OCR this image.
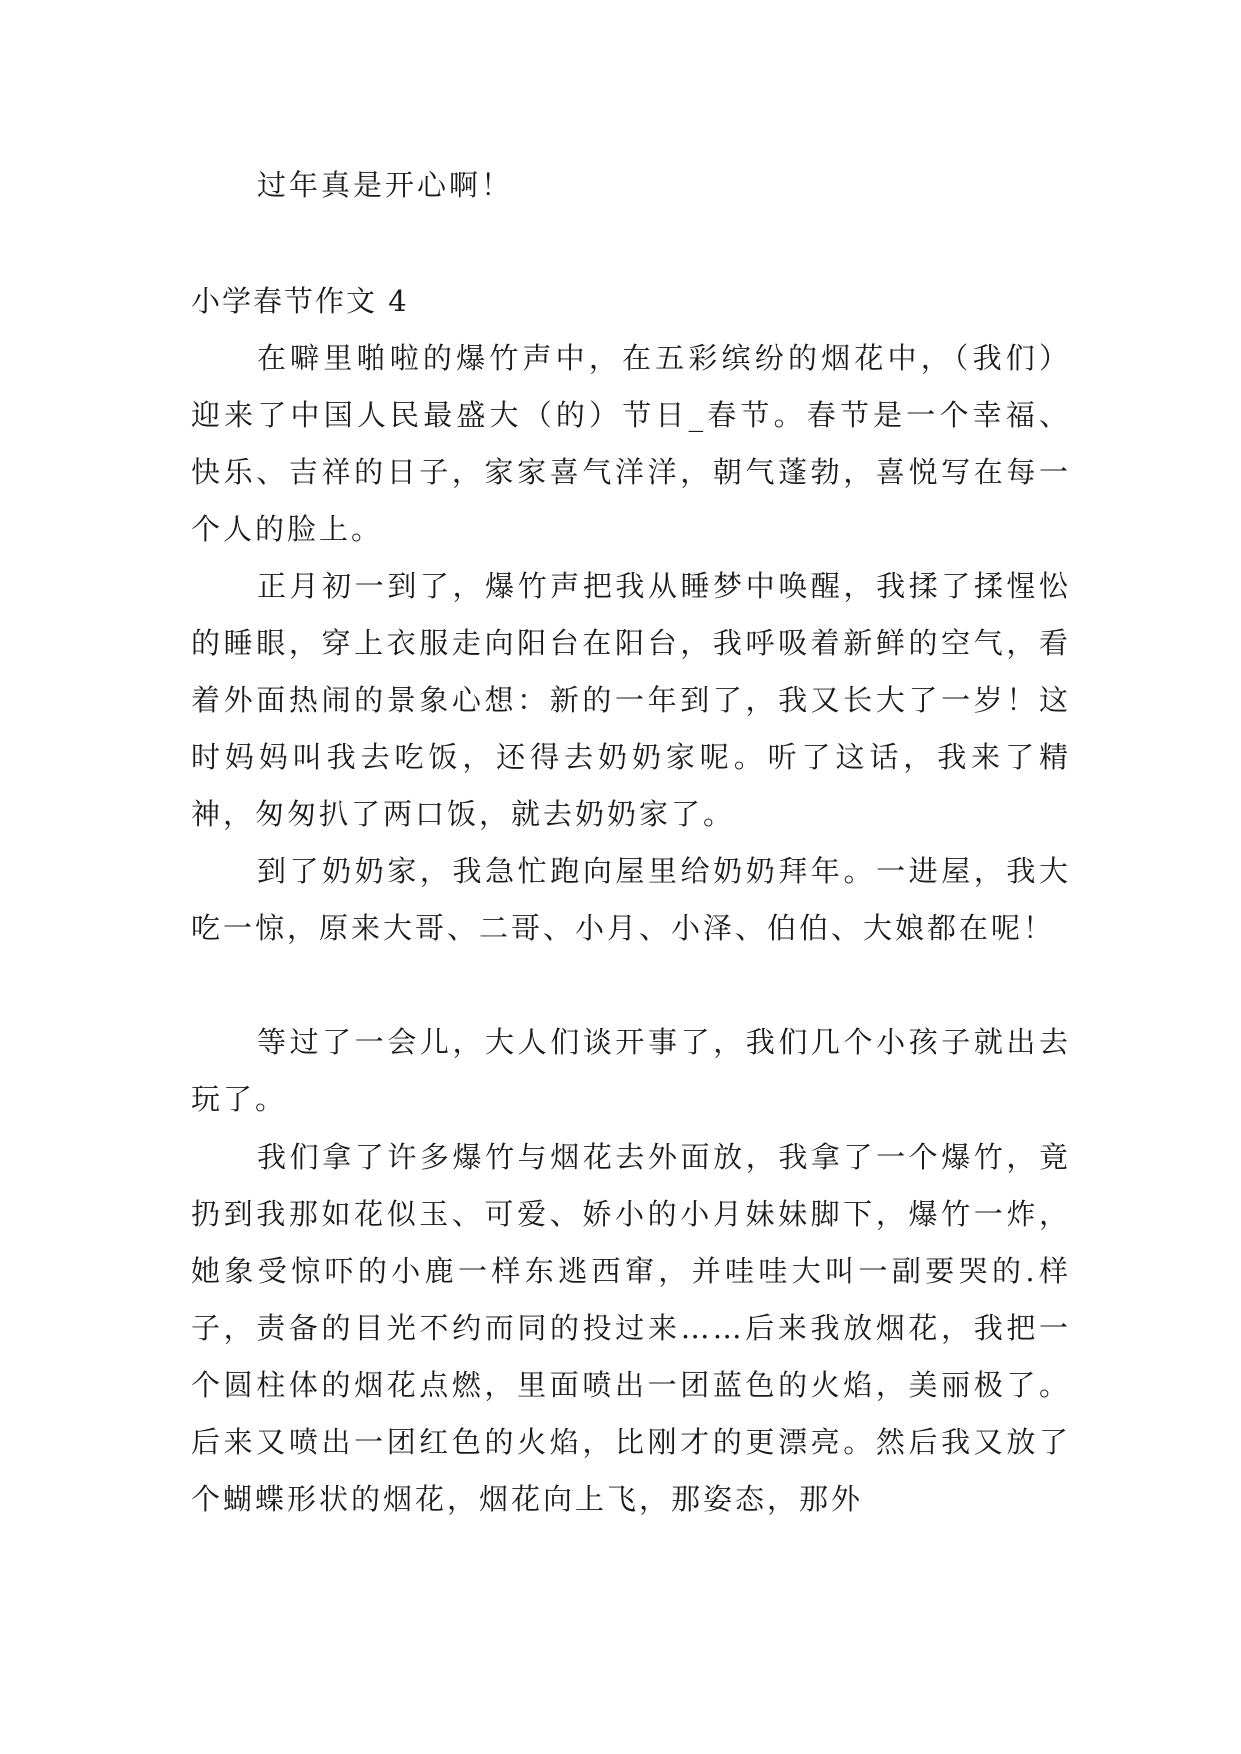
过年真是开心啊！

小学春节作文 4

在噼里啪啦的爆竹声中，在五彩缤纷的烟花中，（我们）迎来了中国人民最盛大（的）节日_春节。春节是一个幸福、快乐、吉祥的日子，家家喜气洋洋，朝气蓬勃，喜悦写在每一个人的脸上。

正月初一到了，爆竹声把我从睡梦中唤醒，我揉了揉惺忪的睡眼，穿上衣服走向阳台在阳台，我呼吸着新鲜的空气，看着外面热闹的景象心想：新的一年到了，我又长大了一岁！这时妈妈叫我去吃饭，还得去奶奶家呢。听了这话，我来了精神，匆匆扒了两口饭，就去奶奶家了。

到了奶奶家，我急忙跑向屋里给奶奶拜年。一进屋，我大吃一惊，原来大哥、二哥、小月、小泽、伯伯、大娘都在呢！

等过了一会儿，大人们谈开事了，我们几个小孩子就出去玩了。

我们拿了许多爆竹与烟花去外面放，我拿了一个爆竹，竟扔到我那如花似玉、可爱、娇小的小月妹妹脚下，爆竹一炸，她象受惊吓的小鹿一样东逃西窜，并哇哇大叫一副要哭的.样子，责备的目光不约而同的投过来……后来我放烟花，我把一个圆柱体的烟花点燃，里面喷出一团蓝色的火焰，美丽极了。后来又喷出一团红色的火焰，比刚才的更漂亮。然后我又放了个蝴蝶形状的烟花，烟花向上飞，那姿态，那外
